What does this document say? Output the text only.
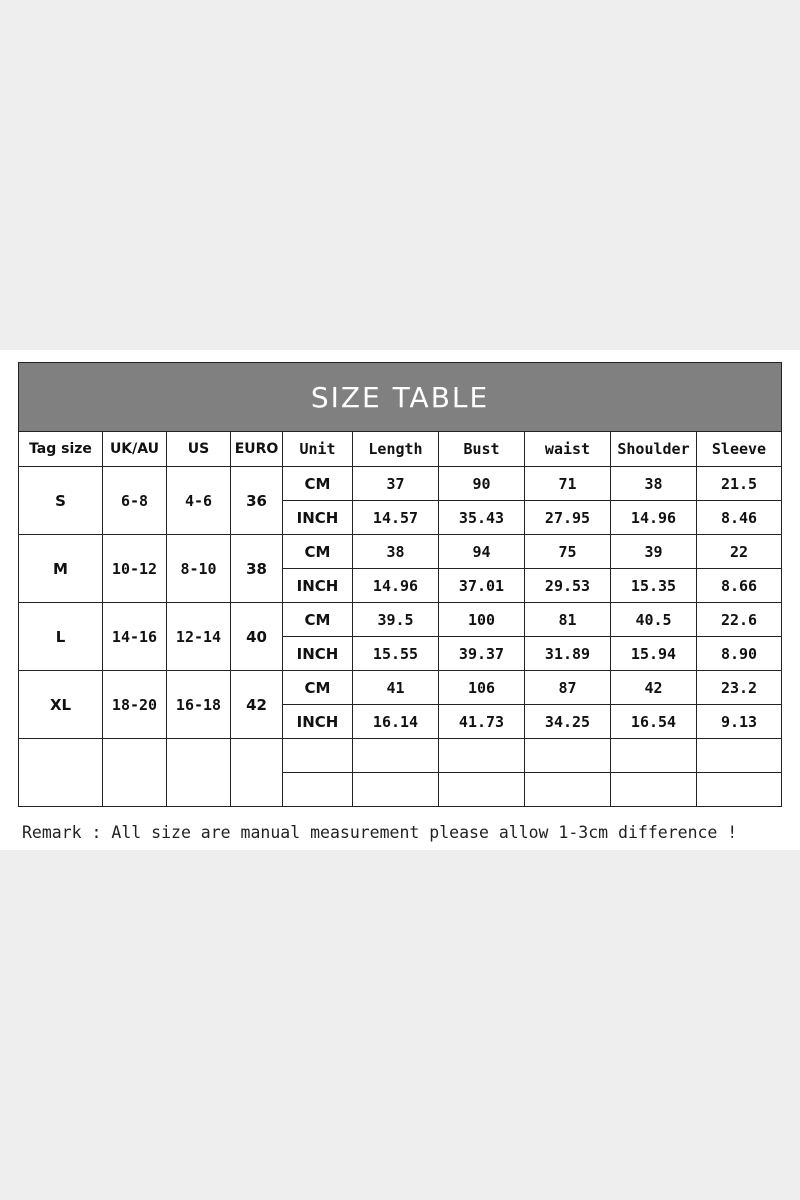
SIZE TABLE									
Tag size	UK/AU	US	EURO	Unit	Length	Bust	waist	Shoulder	Sleeve
S	6-8	4-6	36	CM	37	90	71	38	21.5
				INCH	14.57	35.43	27.95	14.96	8.46
M	10-12	8-10	38	CM	38	94	75	39	22
				INCH	14.96	37.01	29.53	15.35	8.66
L	14-16	12-14	40	CM	39.5	100	81	40.5	22.6
				INCH	15.55	39.37	31.89	15.94	8.90
XL	18-20	16-18	42	CM	41	106	87	42	23.2
				INCH	16.14	41.73	34.25	16.54	9.13

Remark : All size are manual measurement please allow 1-3cm difference !
